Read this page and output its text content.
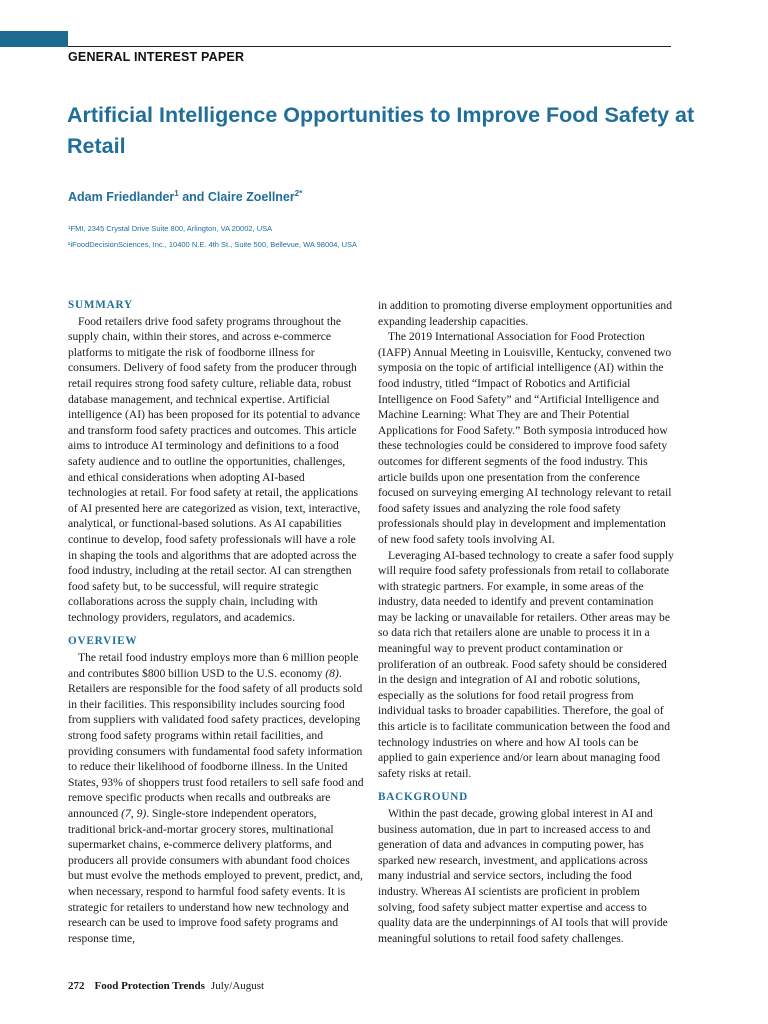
GENERAL INTEREST PAPER
Artificial Intelligence Opportunities to Improve Food Safety at Retail
Adam Friedlander$^1$ and Claire Zoellner$^{2*}$
¹FMI, 2345 Crystal Drive Suite 800, Arlington, VA 20002, USA
²iFoodDecisionSciences, Inc., 10400 N.E. 4th St., Suite 500, Bellevue, WA 98004, USA
SUMMARY

Food retailers drive food safety programs throughout the supply chain, within their stores, and across e-commerce platforms to mitigate the risk of foodborne illness for consumers. Delivery of food safety from the producer through retail requires strong food safety culture, reliable data, robust database management, and technical expertise. Artificial intelligence (AI) has been proposed for its potential to advance and transform food safety practices and outcomes. This article aims to introduce AI terminology and definitions to a food safety audience and to outline the opportunities, challenges, and ethical considerations when adopting AI-based technologies at retail. For food safety at retail, the applications of AI presented here are categorized as vision, text, interactive, analytical, or functional-based solutions. As AI capabilities continue to develop, food safety professionals will have a role in shaping the tools and algorithms that are adopted across the food industry, including at the retail sector. AI can strengthen food safety but, to be successful, will require strategic collaborations across the supply chain, including with technology providers, regulators, and academics.

OVERVIEW

The retail food industry employs more than 6 million people and contributes $800 billion USD to the U.S. economy (8). Retailers are responsible for the food safety of all products sold in their facilities. This responsibility includes sourcing food from suppliers with validated food safety practices, developing strong food safety programs within retail facilities, and providing consumers with fundamental food safety information to reduce their likelihood of foodborne illness. In the United States, 93% of shoppers trust food retailers to sell safe food and remove specific products when recalls and outbreaks are announced (7, 9). Single-store independent operators, traditional brick-and-mortar grocery stores, multinational supermarket chains, e-commerce delivery platforms, and producers all provide consumers with abundant food choices but must evolve the methods employed to prevent, predict, and, when necessary, respond to harmful food safety events. It is strategic for retailers to understand how new technology and research can be used to improve food safety programs and response time,

in addition to promoting diverse employment opportunities and expanding leadership capacities.

The 2019 International Association for Food Protection (IAFP) Annual Meeting in Louisville, Kentucky, convened two symposia on the topic of artificial intelligence (AI) within the food industry, titled “Impact of Robotics and Artificial Intelligence on Food Safety” and “Artificial Intelligence and Machine Learning: What They are and Their Potential Applications for Food Safety.” Both symposia introduced how these technologies could be considered to improve food safety outcomes for different segments of the food industry. This article builds upon one presentation from the conference focused on surveying emerging AI technology relevant to retail food safety issues and analyzing the role food safety professionals should play in development and implementation of new food safety tools involving AI.

Leveraging AI-based technology to create a safer food supply will require food safety professionals from retail to collaborate with strategic partners. For example, in some areas of the industry, data needed to identify and prevent contamination may be lacking or unavailable for retailers. Other areas may be so data rich that retailers alone are unable to process it in a meaningful way to prevent product contamination or proliferation of an outbreak. Food safety should be considered in the design and integration of AI and robotic solutions, especially as the solutions for food retail progress from individual tasks to broader capabilities. Therefore, the goal of this article is to facilitate communication between the food and technology industries on where and how AI tools can be applied to gain experience and/or learn about managing food safety risks at retail.

BACKGROUND

Within the past decade, growing global interest in AI and business automation, due in part to increased access to and generation of data and advances in computing power, has sparked new research, investment, and applications across many industrial and service sectors, including the food industry. Whereas AI scientists are proficient in problem solving, food safety subject matter expertise and access to quality data are the underpinnings of AI tools that will provide meaningful solutions to retail food safety challenges.

272 Food Protection Trends July/August
